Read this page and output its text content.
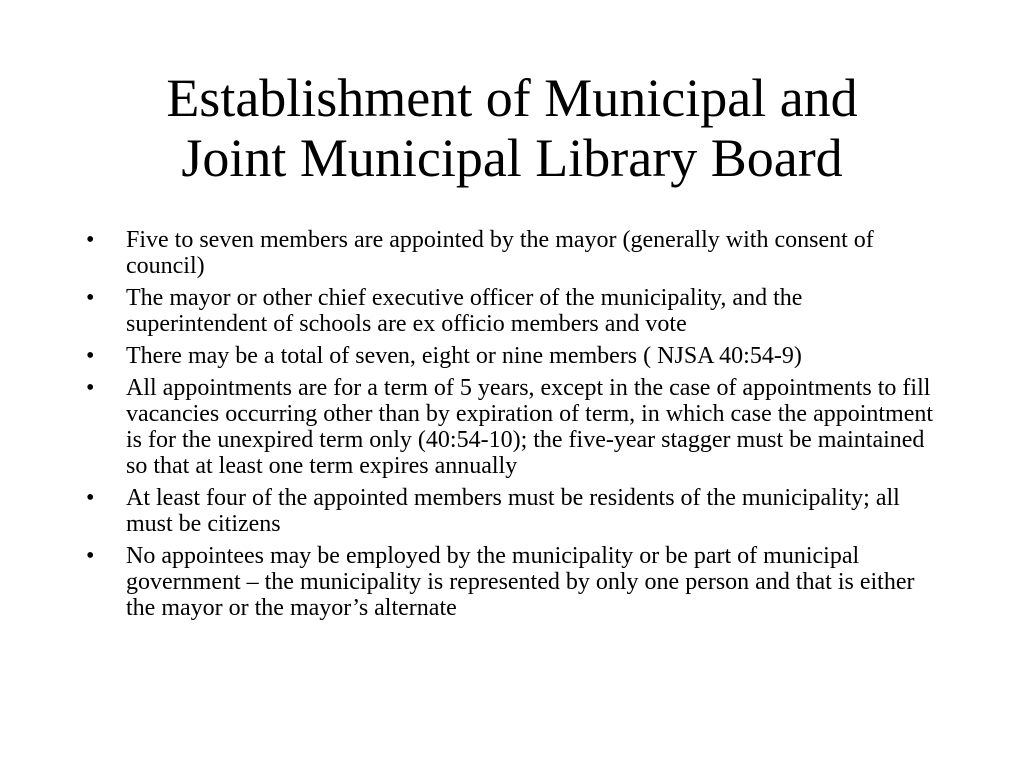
Establishment of Municipal and
Joint Municipal Library Board
•	Five to seven members are appointed by the mayor (generally with consent of council)
•	The mayor or other chief executive officer of the municipality, and the superintendent of schools are ex officio members and vote
•	There may be a total of seven, eight or nine members ( NJSA 40:54-9)
•	All appointments are for a term of 5 years, except in the case of appointments to fill vacancies occurring other than by expiration of term, in which case the appointment is for the unexpired term only (40:54-10); the five-year stagger must be maintained so that at least one term expires annually
•	At least four of the appointed members must be residents of the municipality; all must be citizens
•	No appointees may be employed by the municipality or be part of municipal government – the municipality is represented by only one person and that is either the mayor or the mayor’s alternate
